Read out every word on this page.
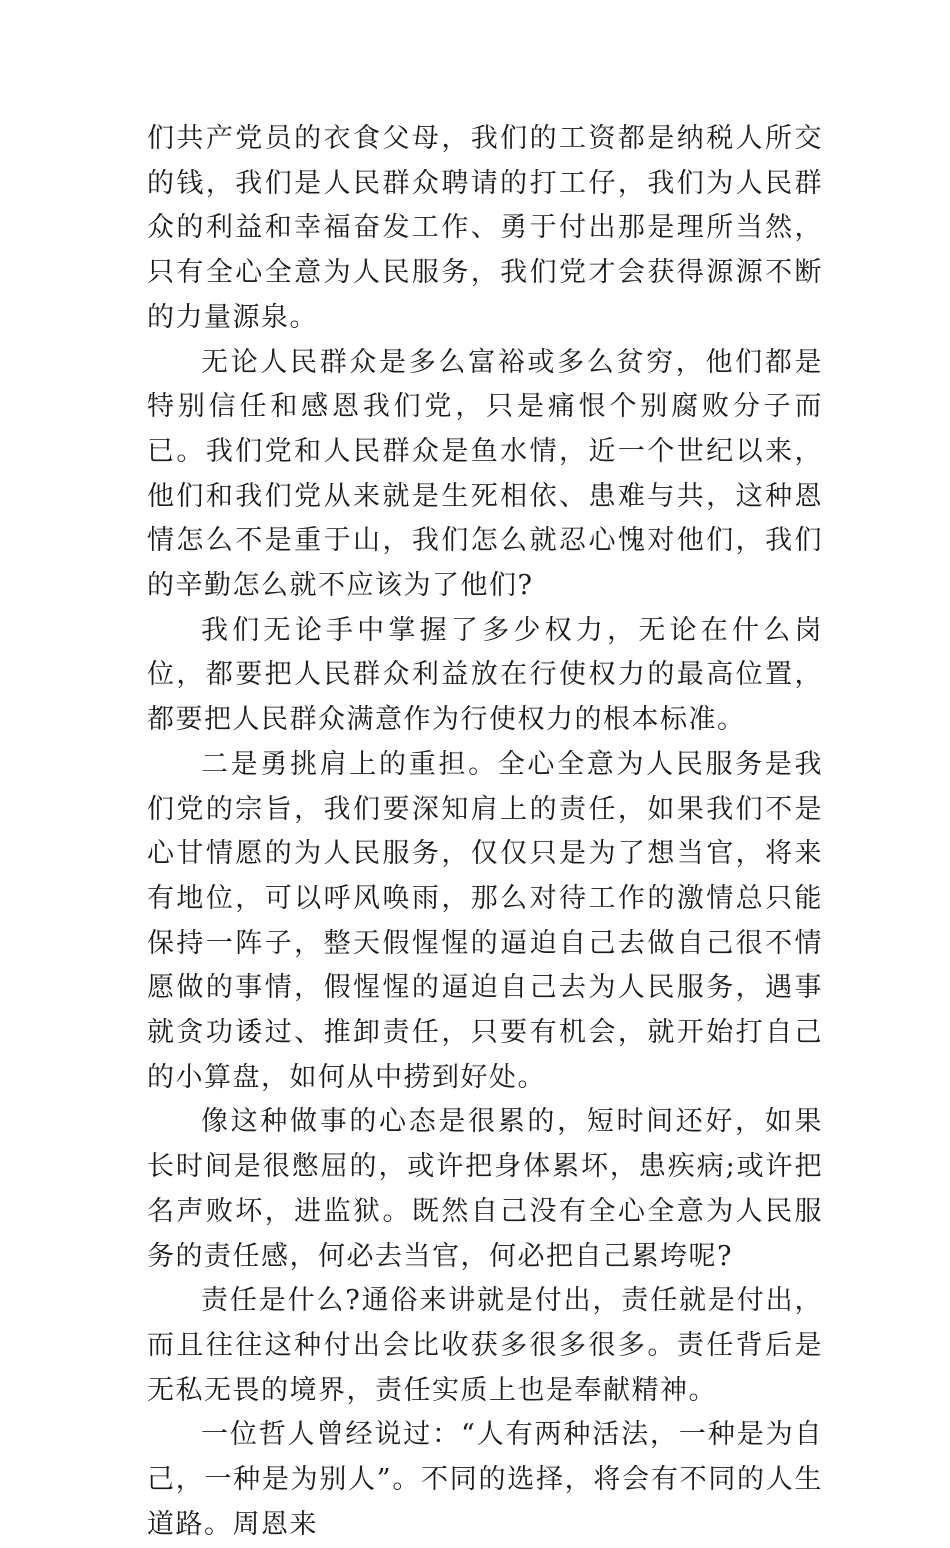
们共产党员的衣食父母，我们的工资都是纳税人所交的钱，我们是人民群众聘请的打工仔，我们为人民群众的利益和幸福奋发工作、勇于付出那是理所当然，只有全心全意为人民服务，我们党才会获得源源不断的力量源泉。

无论人民群众是多么富裕或多么贫穷，他们都是特别信任和感恩我们党，只是痛恨个别腐败分子而已。我们党和人民群众是鱼水情，近一个世纪以来，他们和我们党从来就是生死相依、患难与共，这种恩情怎么不是重于山，我们怎么就忍心愧对他们，我们的辛勤怎么就不应该为了他们?

我们无论手中掌握了多少权力，无论在什么岗位，都要把人民群众利益放在行使权力的最高位置，都要把人民群众满意作为行使权力的根本标准。

二是勇挑肩上的重担。全心全意为人民服务是我们党的宗旨，我们要深知肩上的责任，如果我们不是心甘情愿的为人民服务，仅仅只是为了想当官，将来有地位，可以呼风唤雨，那么对待工作的激情总只能保持一阵子，整天假惺惺的逼迫自己去做自己很不情愿做的事情，假惺惺的逼迫自己去为人民服务，遇事就贪功诿过、推卸责任，只要有机会，就开始打自己的小算盘，如何从中捞到好处。

像这种做事的心态是很累的，短时间还好，如果长时间是很憋屈的，或许把身体累坏，患疾病;或许把名声败坏，进监狱。既然自己没有全心全意为人民服务的责任感，何必去当官，何必把自己累垮呢?

责任是什么?通俗来讲就是付出，责任就是付出，而且往往这种付出会比收获多很多很多。责任背后是无私无畏的境界，责任实质上也是奉献精神。

一位哲人曾经说过：“人有两种活法，一种是为自己，一种是为别人”。不同的选择，将会有不同的人生道路。周恩来
